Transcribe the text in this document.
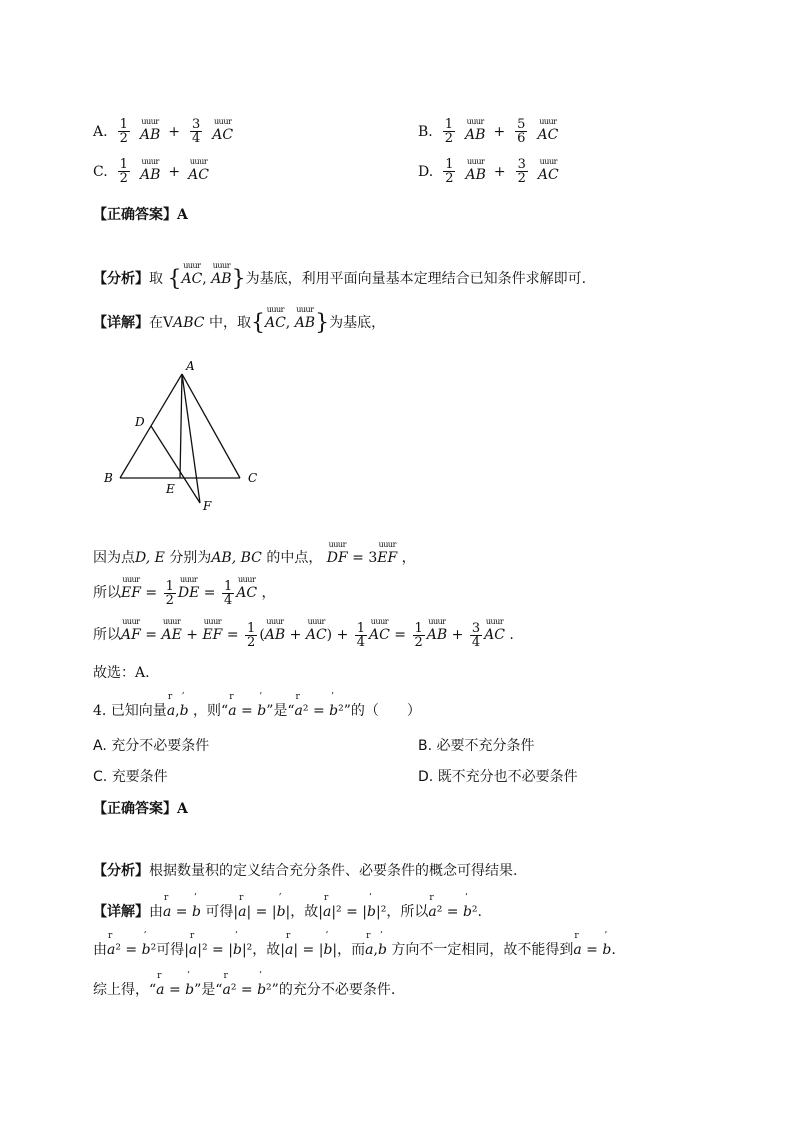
A. $\frac{1}{2}$ uuur AB + $\frac{3}{4}$ uuur AC	B. $\frac{1}{2}$ uuur AB + $\frac{5}{6}$ uuur AC
C. $\frac{1}{2}$ uuur AB + uuur AC	D. $\frac{1}{2}$ uuur AB + $\frac{3}{2}$ uuur AC
【正确答案】A
【分析】取 {uuur AC, uuur AB}为基底，利用平面向量基本定理结合已知条件求解即可.
【详解】在VABC 中，取{uuur AC, uuur AB}为基底，
A
D
B	C
E
F
因为点D, E 分别为AB, BC 的中点， uuur DF = 3uuur EF ，
所以uuur EF = $\frac{1}{2}$ uuur DE = $\frac{1}{4}$ uuur AC ，
所以uuur AF = uuur AE + uuur EF = $\frac{1}{2}$ (uuur AB + uuur $AC) + \frac{1}{4}$ uuur AC = $\frac{1}{2}$ uuur AB + $\frac{3}{4}$ uuur AC .
故选：A.
4. 已知向量r a,’ b ，则“r a = ’ b”是“r a² = ’ b²”的（　　）
A. 充分不必要条件	B. 必要不充分条件
C. 充要条件	D. 既不充分也不必要条件
【正确答案】A
【分析】根据数量积的定义结合充分条件、必要条件的概念可得结果.
【详解】由r a = ’ b 可得|r a| = |’ b|，故|r a|² = |’ b|²，所以r a² = ’ b².
由r a² = ’ b²可得|r a|² = |’ b|²，故|r a| = |’ b|，而r a,’ b 方向不一定相同，故不能得到r a = ’ b.
综上得，“r a = ’ b”是“r a² = ’ b²”的充分不必要条件.
